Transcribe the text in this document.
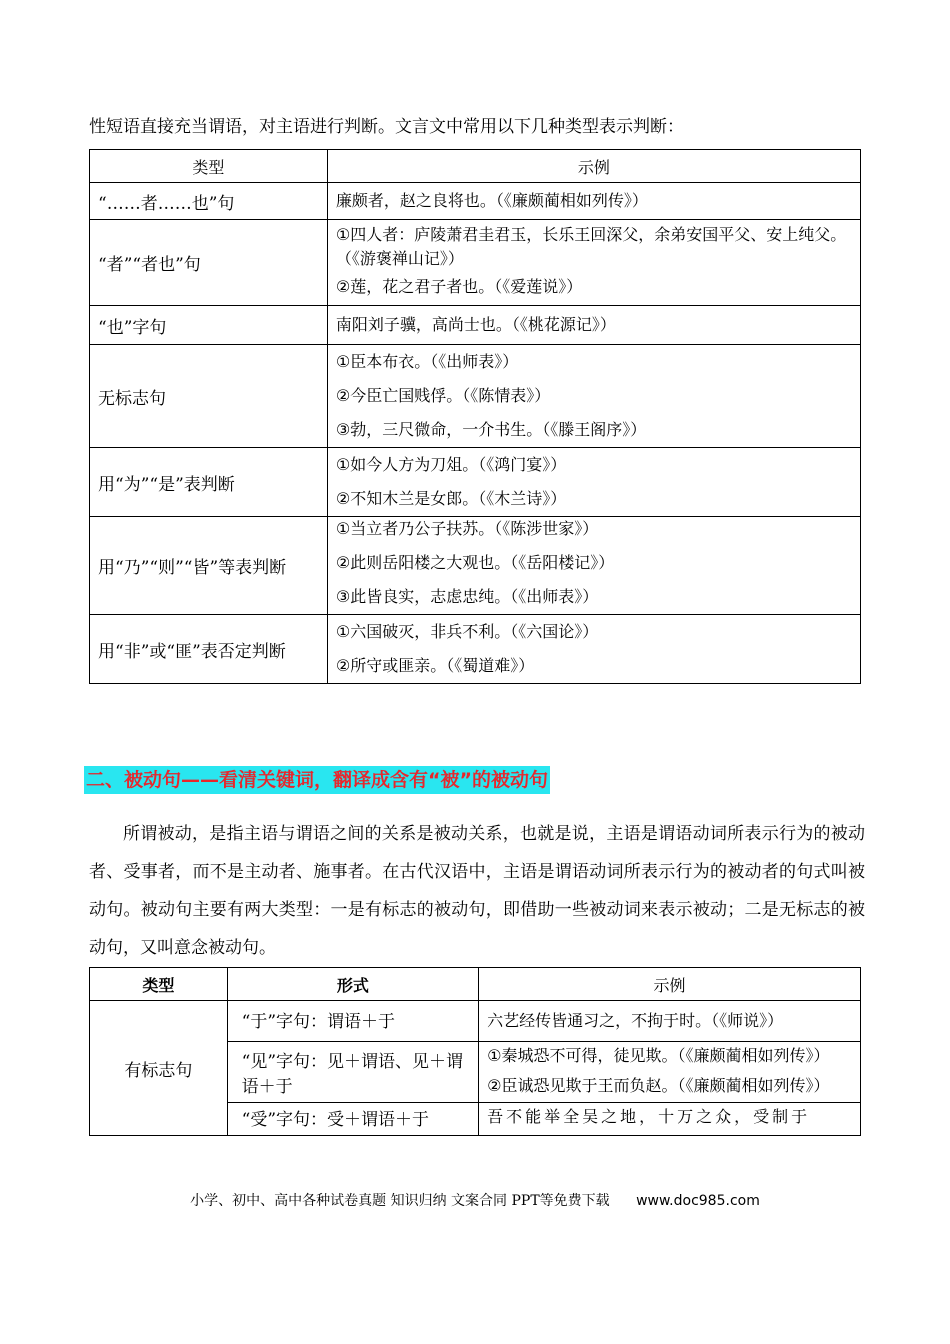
性短语直接充当谓语，对主语进行判断。文言文中常用以下几种类型表示判断：
类型	示例
“……者……也”句	廉颇者，赵之良将也。（《廉颇蔺相如列传》）

“者”“者也”句	①四人者：庐陵萧君圭君玉，长乐王回深父，余弟安国平父、安上纯父。（《游褒禅山记》）
②莲，花之君子者也。（《爱莲说》）

“也”字句	南阳刘子骥，高尚士也。（《桃花源记》）

无标志句	①臣本布衣。（《出师表》）
②今臣亡国贱俘。（《陈情表》）
③勃，三尺微命，一介书生。（《滕王阁序》）

用“为”“是”表判断	①如今人方为刀俎。（《鸿门宴》）
②不知木兰是女郎。（《木兰诗》）

用“乃”“则”“皆”等表判断	①当立者乃公子扶苏。（《陈涉世家》）
②此则岳阳楼之大观也。（《岳阳楼记》）
③此皆良实，志虑忠纯。（《出师表》）

用“非”或“匪”表否定判断	①六国破灭，非兵不利。（《六国论》）
②所守或匪亲。（《蜀道难》）
二、被动句——看清关键词，翻译成含有“被”的被动句
所谓被动，是指主语与谓语之间的关系是被动关系，也就是说，主语是谓语动词所表示行为的被动者、受事者，而不是主动者、施事者。在古代汉语中，主语是谓语动词所表示行为的被动者的句式叫被动句。被动句主要有两大类型：一是有标志的被动句，即借助一些被动词来表示被动；二是无标志的被动句，又叫意念被动句。
类型	形式	示例
有标志句	“于”字句：谓语＋于	六艺经传皆通习之，不拘于时。（《师说》）

	“见”字句：见＋谓语、见＋谓语＋于	①秦城恐不可得，徒见欺。（《廉颇蔺相如列传》）
②臣诚恐见欺于王而负赵。（《廉颇蔺相如列传》）

	“受”字句：受＋谓语＋于	吾不能举全吴之地，十万之众，受制于
小学、初中、高中各种试卷真题 知识归纳 文案合同 PPT等免费下载 www.doc985.com
